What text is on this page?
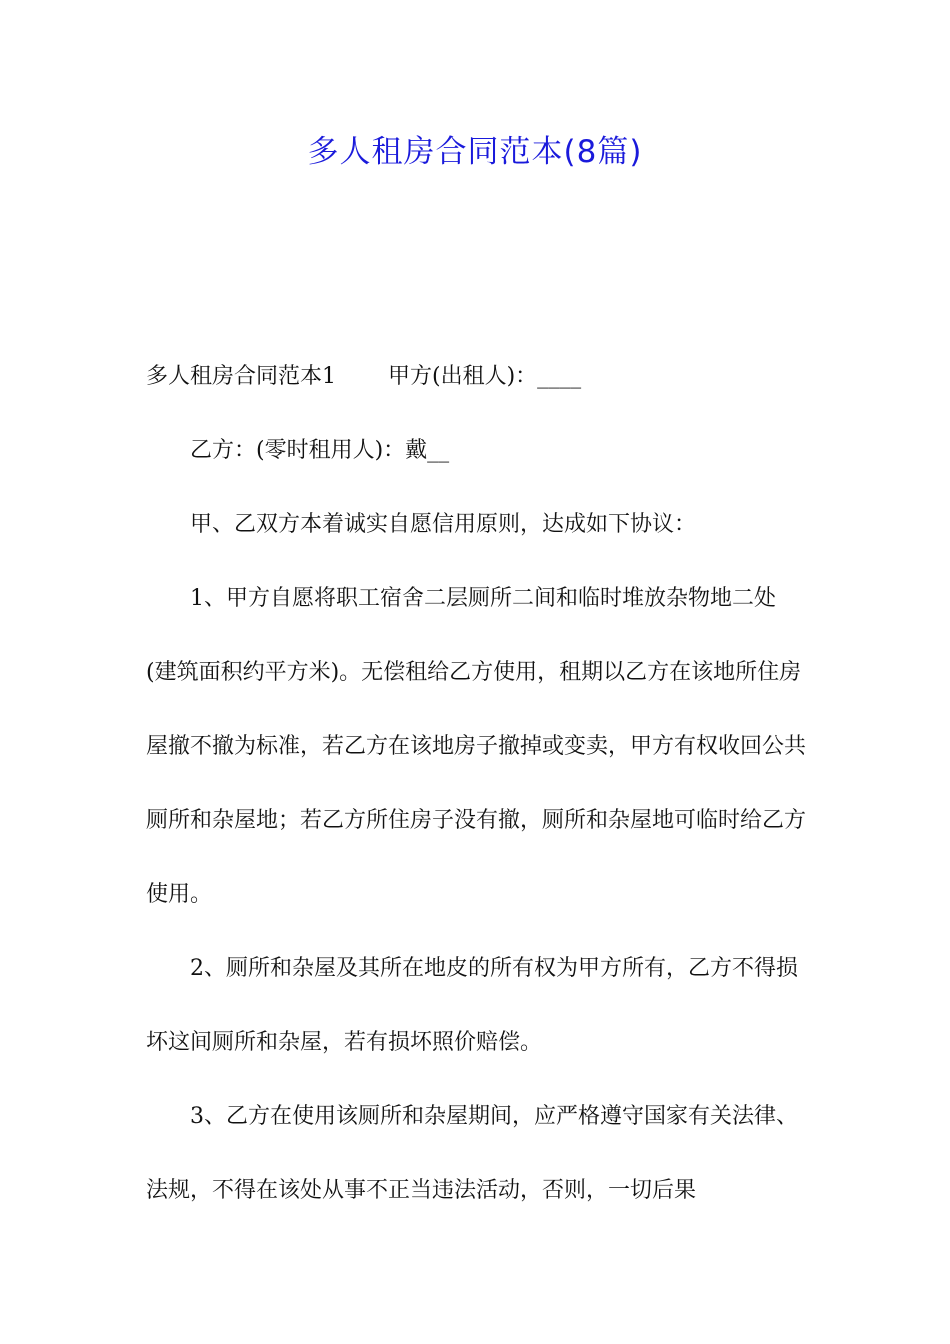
多人租房合同范本(8篇)

多人租房合同范本1 甲方(出租人)：____

乙方：(零时租用人)：戴__

甲、乙双方本着诚实自愿信用原则，达成如下协议：

1、甲方自愿将职工宿舍二层厕所二间和临时堆放杂物地二处(建筑面积约平方米)。无偿租给乙方使用，租期以乙方在该地所住房屋撤不撤为标准，若乙方在该地房子撤掉或变卖，甲方有权收回公共厕所和杂屋地；若乙方所住房子没有撤，厕所和杂屋地可临时给乙方使用。

2、厕所和杂屋及其所在地皮的所有权为甲方所有，乙方不得损坏这间厕所和杂屋，若有损坏照价赔偿。

3、乙方在使用该厕所和杂屋期间，应严格遵守国家有关法律、法规，不得在该处从事不正当违法活动，否则，一切后果
